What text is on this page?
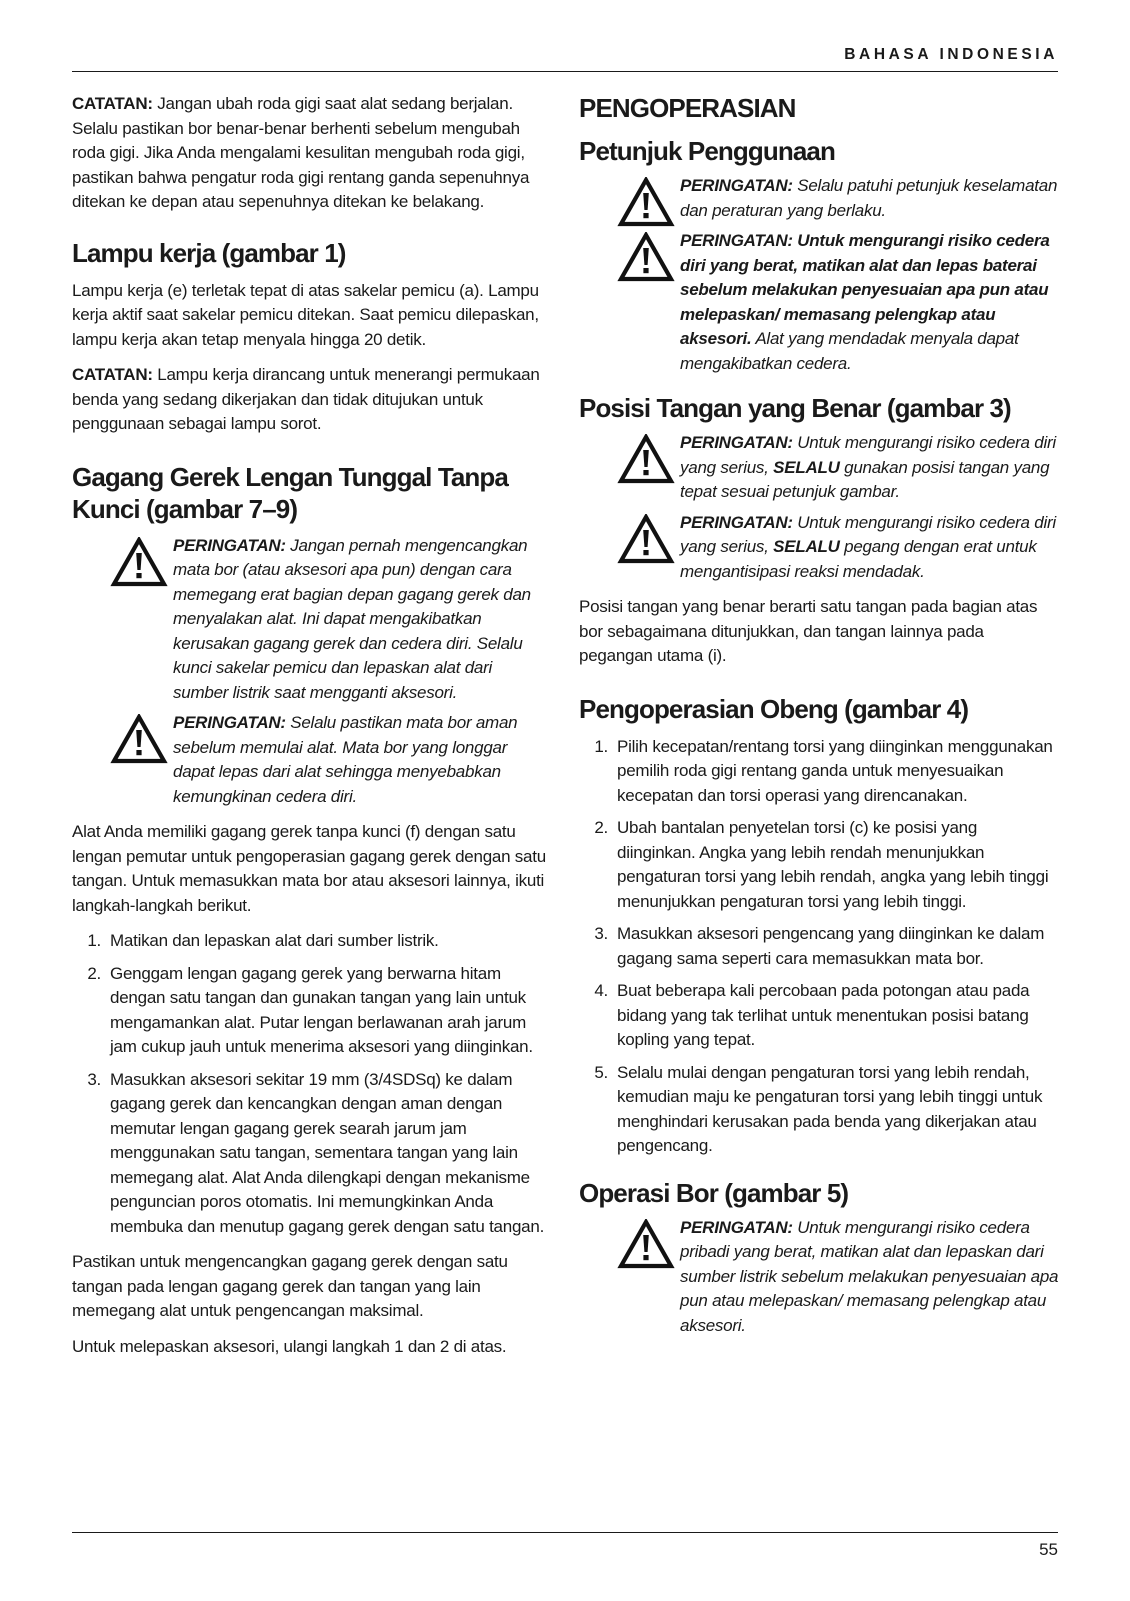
BAHASA INDONESIA

CATATAN: Jangan ubah roda gigi saat alat sedang berjalan. Selalu pastikan bor benar-benar berhenti sebelum mengubah roda gigi. Jika Anda mengalami kesulitan mengubah roda gigi, pastikan bahwa pengatur roda gigi rentang ganda sepenuhnya ditekan ke depan atau sepenuhnya ditekan ke belakang.

Lampu kerja (gambar 1)

Lampu kerja (e) terletak tepat di atas sakelar pemicu (a). Lampu kerja aktif saat sakelar pemicu ditekan. Saat pemicu dilepaskan, lampu kerja akan tetap menyala hingga 20 detik.

CATATAN: Lampu kerja dirancang untuk menerangi permukaan benda yang sedang dikerjakan dan tidak ditujukan untuk penggunaan sebagai lampu sorot.

Gagang Gerek Lengan Tunggal Tanpa Kunci (gambar 7–9)
PERINGATAN: Jangan pernah mengencangkan mata bor (atau aksesori apa pun) dengan cara memegang erat bagian depan gagang gerek dan menyalakan alat. Ini dapat mengakibatkan kerusakan gagang gerek dan cedera diri. Selalu kunci sakelar pemicu dan lepaskan alat dari sumber listrik saat mengganti aksesori.
PERINGATAN: Selalu pastikan mata bor aman sebelum memulai alat. Mata bor yang longgar dapat lepas dari alat sehingga menyebabkan kemungkinan cedera diri.

Alat Anda memiliki gagang gerek tanpa kunci (f) dengan satu lengan pemutar untuk pengoperasian gagang gerek dengan satu tangan. Untuk memasukkan mata bor atau aksesori lainnya, ikuti langkah-langkah berikut.

1. Matikan dan lepaskan alat dari sumber listrik.
2. Genggam lengan gagang gerek yang berwarna hitam dengan satu tangan dan gunakan tangan yang lain untuk mengamankan alat. Putar lengan berlawanan arah jarum jam cukup jauh untuk menerima aksesori yang diinginkan.
3. Masukkan aksesori sekitar 19 mm (3/4SDSq) ke dalam gagang gerek dan kencangkan dengan aman dengan memutar lengan gagang gerek searah jarum jam menggunakan satu tangan, sementara tangan yang lain memegang alat. Alat Anda dilengkapi dengan mekanisme penguncian poros otomatis. Ini memungkinkan Anda membuka dan menutup gagang gerek dengan satu tangan.

Pastikan untuk mengencangkan gagang gerek dengan satu tangan pada lengan gagang gerek dan tangan yang lain memegang alat untuk pengencangan maksimal.

Untuk melepaskan aksesori, ulangi langkah 1 dan 2 di atas.

PENGOPERASIAN
Petunjuk Penggunaan
PERINGATAN: Selalu patuhi petunjuk keselamatan dan peraturan yang berlaku.
PERINGATAN: Untuk mengurangi risiko cedera diri yang berat, matikan alat dan lepas baterai sebelum melakukan penyesuaian apa pun atau melepaskan/ memasang pelengkap atau aksesori. Alat yang mendadak menyala dapat mengakibatkan cedera.
Posisi Tangan yang Benar (gambar 3)
PERINGATAN: Untuk mengurangi risiko cedera diri yang serius, SELALU gunakan posisi tangan yang tepat sesuai petunjuk gambar.
PERINGATAN: Untuk mengurangi risiko cedera diri yang serius, SELALU pegang dengan erat untuk mengantisipasi reaksi mendadak.

Posisi tangan yang benar berarti satu tangan pada bagian atas bor sebagaimana ditunjukkan, dan tangan lainnya pada pegangan utama (i).

Pengoperasian Obeng (gambar 4)
1. Pilih kecepatan/rentang torsi yang diinginkan menggunakan pemilih roda gigi rentang ganda untuk menyesuaikan kecepatan dan torsi operasi yang direncanakan.
2. Ubah bantalan penyetelan torsi (c) ke posisi yang diinginkan. Angka yang lebih rendah menunjukkan pengaturan torsi yang lebih rendah, angka yang lebih tinggi menunjukkan pengaturan torsi yang lebih tinggi.
3. Masukkan aksesori pengencang yang diinginkan ke dalam gagang sama seperti cara memasukkan mata bor.
4. Buat beberapa kali percobaan pada potongan atau pada bidang yang tak terlihat untuk menentukan posisi batang kopling yang tepat.
5. Selalu mulai dengan pengaturan torsi yang lebih rendah, kemudian maju ke pengaturan torsi yang lebih tinggi untuk menghindari kerusakan pada benda yang dikerjakan atau pengencang.
Operasi Bor (gambar 5)
PERINGATAN: Untuk mengurangi risiko cedera pribadi yang berat, matikan alat dan lepaskan dari sumber listrik sebelum melakukan penyesuaian apa pun atau melepaskan/ memasang pelengkap atau aksesori.
55
